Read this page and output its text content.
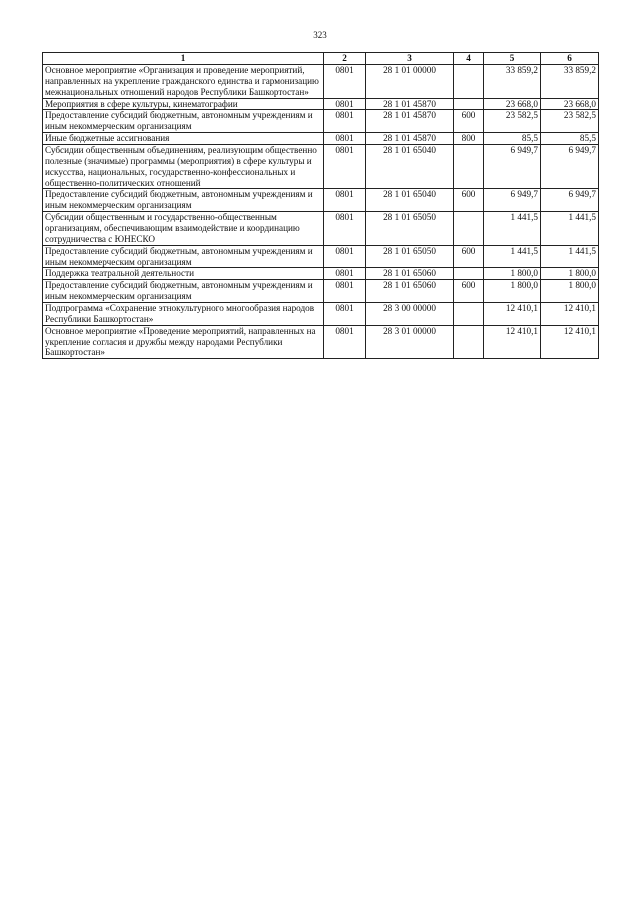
323
1	2	3	4	5	6
Основное мероприятие «Организация и проведение мероприятий, направленных на укрепление гражданского единства и гармонизацию межнациональных отношений народов Республики Башкортостан»	0801	28 1 01 00000		33 859,2	33 859,2
Мероприятия в сфере культуры, кинематографии	0801	28 1 01 45870		23 668,0	23 668,0
Предоставление субсидий бюджетным, автономным учреждениям и иным некоммерческим организациям	0801	28 1 01 45870	600	23 582,5	23 582,5
Иные бюджетные ассигнования	0801	28 1 01 45870	800	85,5	85,5
Субсидии общественным объединениям, реализующим общественно полезные (значимые) программы (мероприятия) в сфере культуры и искусства, национальных, государственно-конфессиональных и общественно-политических отношений	0801	28 1 01 65040		6 949,7	6 949,7
Предоставление субсидий бюджетным, автономным учреждениям и иным некоммерческим организациям	0801	28 1 01 65040	600	6 949,7	6 949,7
Субсидии общественным и государственно-общественным организациям, обеспечивающим взаимодействие и координацию сотрудничества с ЮНЕСКО	0801	28 1 01 65050		1 441,5	1 441,5
Предоставление субсидий бюджетным, автономным учреждениям и иным некоммерческим организациям	0801	28 1 01 65050	600	1 441,5	1 441,5
Поддержка театральной деятельности	0801	28 1 01 65060		1 800,0	1 800,0
Предоставление субсидий бюджетным, автономным учреждениям и иным некоммерческим организациям	0801	28 1 01 65060	600	1 800,0	1 800,0
Подпрограмма «Сохранение этнокультурного многообразия народов Республики Башкортостан»	0801	28 3 00 00000		12 410,1	12 410,1
Основное мероприятие «Проведение мероприятий, направленных на укрепление согласия и дружбы между народами Республики Башкортостан»	0801	28 3 01 00000		12 410,1	12 410,1
